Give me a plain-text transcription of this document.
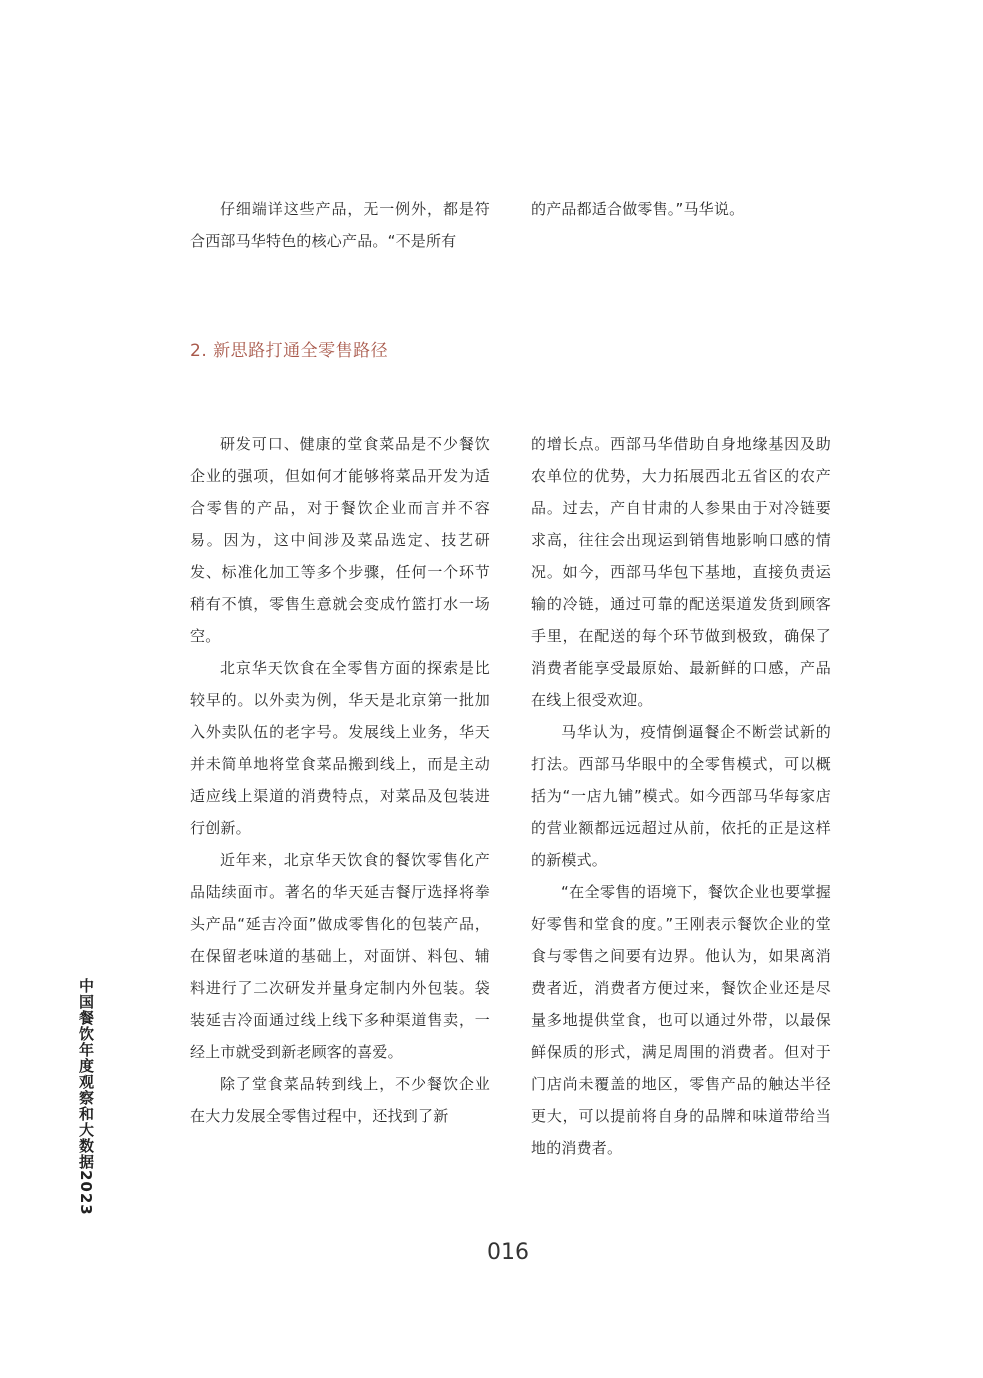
仔细端详这些产品，无一例外，都是符合西部马华特色的核心产品。“不是所有

的产品都适合做零售。”马华说。

2. 新思路打通全零售路径

研发可口、健康的堂食菜品是不少餐饮企业的强项，但如何才能够将菜品开发为适合零售的产品，对于餐饮企业而言并不容易。因为，这中间涉及菜品选定、技艺研发、标准化加工等多个步骤，任何一个环节稍有不慎，零售生意就会变成竹篮打水一场空。

北京华天饮食在全零售方面的探索是比较早的。以外卖为例，华天是北京第一批加入外卖队伍的老字号。发展线上业务，华天并未简单地将堂食菜品搬到线上，而是主动适应线上渠道的消费特点，对菜品及包装进行创新。

近年来，北京华天饮食的餐饮零售化产品陆续面市。著名的华天延吉餐厅选择将拳头产品“延吉冷面”做成零售化的包装产品，在保留老味道的基础上，对面饼、料包、辅料进行了二次研发并量身定制内外包装。袋装延吉冷面通过线上线下多种渠道售卖，一经上市就受到新老顾客的喜爱。

除了堂食菜品转到线上，不少餐饮企业在大力发展全零售过程中，还找到了新

的增长点。西部马华借助自身地缘基因及助农单位的优势，大力拓展西北五省区的农产品。过去，产自甘肃的人参果由于对冷链要求高，往往会出现运到销售地影响口感的情况。如今，西部马华包下基地，直接负责运输的冷链，通过可靠的配送渠道发货到顾客手里，在配送的每个环节做到极致，确保了消费者能享受最原始、最新鲜的口感，产品在线上很受欢迎。

马华认为，疫情倒逼餐企不断尝试新的打法。西部马华眼中的全零售模式，可以概括为“一店九铺”模式。如今西部马华每家店的营业额都远远超过从前，依托的正是这样的新模式。

“在全零售的语境下，餐饮企业也要掌握好零售和堂食的度。”王刚表示餐饮企业的堂食与零售之间要有边界。他认为，如果离消费者近，消费者方便过来，餐饮企业还是尽量多地提供堂食，也可以通过外带，以最保鲜保质的形式，满足周围的消费者。但对于门店尚未覆盖的地区，零售产品的触达半径更大，可以提前将自身的品牌和味道带给当地的消费者。

中国餐饮年度观察和大数据2023
016
